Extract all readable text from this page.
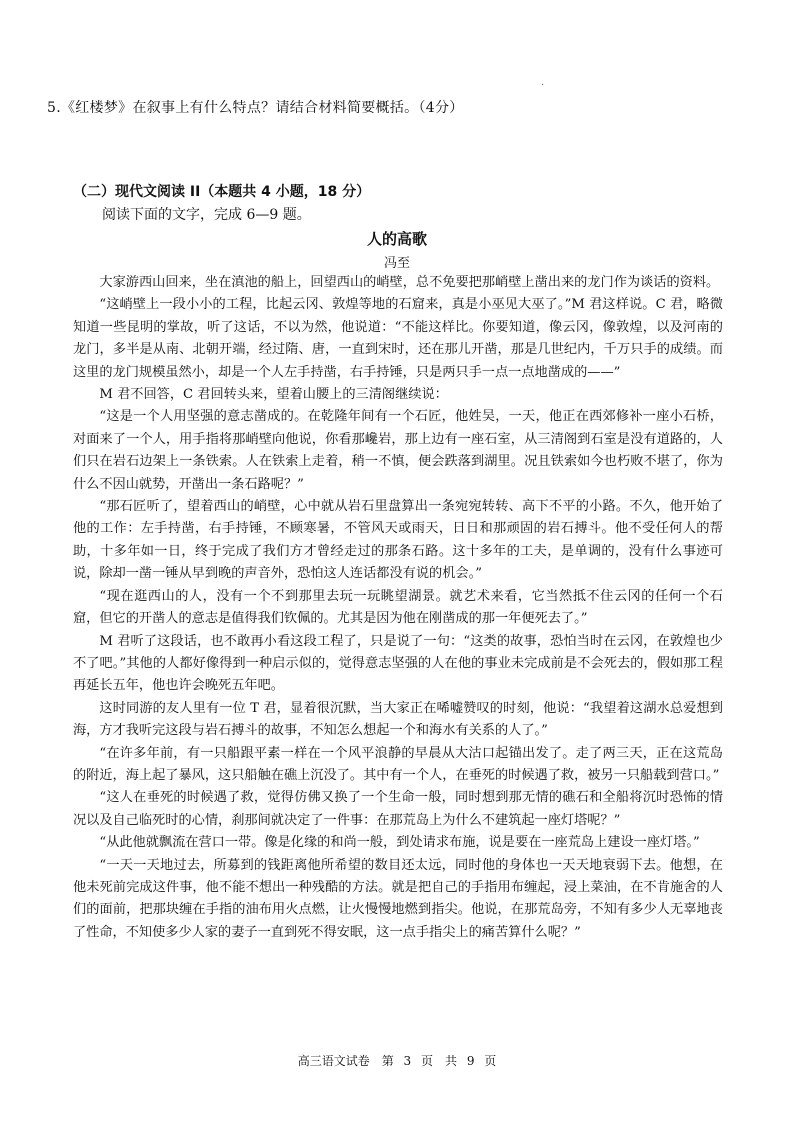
·
5.《红楼梦》在叙事上有什么特点？请结合材料简要概括。（4分）
（二）现代文阅读 II（本题共 4 小题，18 分）
阅读下面的文字，完成 6—9 题。
人的高歌
冯至

大家游西山回来，坐在滇池的船上，回望西山的峭壁，总不免要把那峭壁上凿出来的龙门作为谈话的资料。

“这峭壁上一段小小的工程，比起云冈、敦煌等地的石窟来，真是小巫见大巫了。”M 君这样说。C 君，略微知道一些昆明的掌故，听了这话，不以为然，他说道：“不能这样比。你要知道，像云冈，像敦煌，以及河南的龙门，多半是从南、北朝开端，经过隋、唐，一直到宋时，还在那儿开凿，那是几世纪内，千万只手的成绩。而这里的龙门规模虽然小，却是一个人左手持凿，右手持锤，只是两只手一点一点地凿成的——”

M 君不回答，C 君回转头来，望着山腰上的三清阁继续说：

“这是一个人用坚强的意志凿成的。在乾隆年间有一个石匠，他姓吴，一天，他正在西郊修补一座小石桥，对面来了一个人，用手指将那峭壁向他说，你看那巉岩，那上边有一座石室，从三清阁到石室是没有道路的，人们只在岩石边架上一条铁索。人在铁索上走着，稍一不慎，便会跌落到湖里。况且铁索如今也朽败不堪了，你为什么不因山就势，开凿出一条石路呢？”

“那石匠听了，望着西山的峭壁，心中就从岩石里盘算出一条宛宛转转、高下不平的小路。不久，他开始了他的工作：左手持凿，右手持锤，不顾寒暑，不管风天或雨天，日日和那顽固的岩石搏斗。他不受任何人的帮助，十多年如一日，终于完成了我们方才曾经走过的那条石路。这十多年的工夫，是单调的，没有什么事迹可说，除却一凿一锤从早到晚的声音外，恐怕这人连话都没有说的机会。”

“现在逛西山的人，没有一个不到那里去玩一玩眺望湖景。就艺术来看，它当然抵不住云冈的任何一个石窟，但它的开凿人的意志是值得我们钦佩的。尤其是因为他在刚凿成的那一年便死去了。”

M 君听了这段话，也不敢再小看这段工程了，只是说了一句：“这类的故事，恐怕当时在云冈，在敦煌也少不了吧。”其他的人都好像得到一种启示似的，觉得意志坚强的人在他的事业未完成前是不会死去的，假如那工程再延长五年，他也许会晚死五年吧。

这时同游的友人里有一位 T 君，显着很沉默，当大家正在唏嘘赞叹的时刻，他说：“我望着这湖水总爱想到海，方才我听完这段与岩石搏斗的故事，不知怎么想起一个和海水有关系的人了。”

“在许多年前，有一只船跟平素一样在一个风平浪静的早晨从大沽口起锚出发了。走了两三天，正在这荒岛的附近，海上起了暴风，这只船触在礁上沉没了。其中有一个人，在垂死的时候遇了救，被另一只船载到营口。”

“这人在垂死的时候遇了救，觉得仿佛又换了一个生命一般，同时想到那无情的礁石和全船将沉时恐怖的情况以及自己临死时的心情，刹那间就决定了一件事：在那荒岛上为什么不建筑起一座灯塔呢？”

“从此他就飘流在营口一带。像是化缘的和尚一般，到处请求布施，说是要在一座荒岛上建设一座灯塔。”

“一天一天地过去，所募到的钱距离他所希望的数目还太远，同时他的身体也一天天地衰弱下去。他想，在他未死前完成这件事，他不能不想出一种残酷的方法。就是把自己的手指用布缠起，浸上菜油，在不肯施舍的人们的面前，把那块缠在手指的油布用火点燃，让火慢慢地燃到指尖。他说，在那荒岛旁，不知有多少人无辜地丧了性命，不知使多少人家的妻子一直到死不得安眠，这一点手指尖上的痛苦算什么呢？”

高三语文试卷　第 3 页　共 9 页
